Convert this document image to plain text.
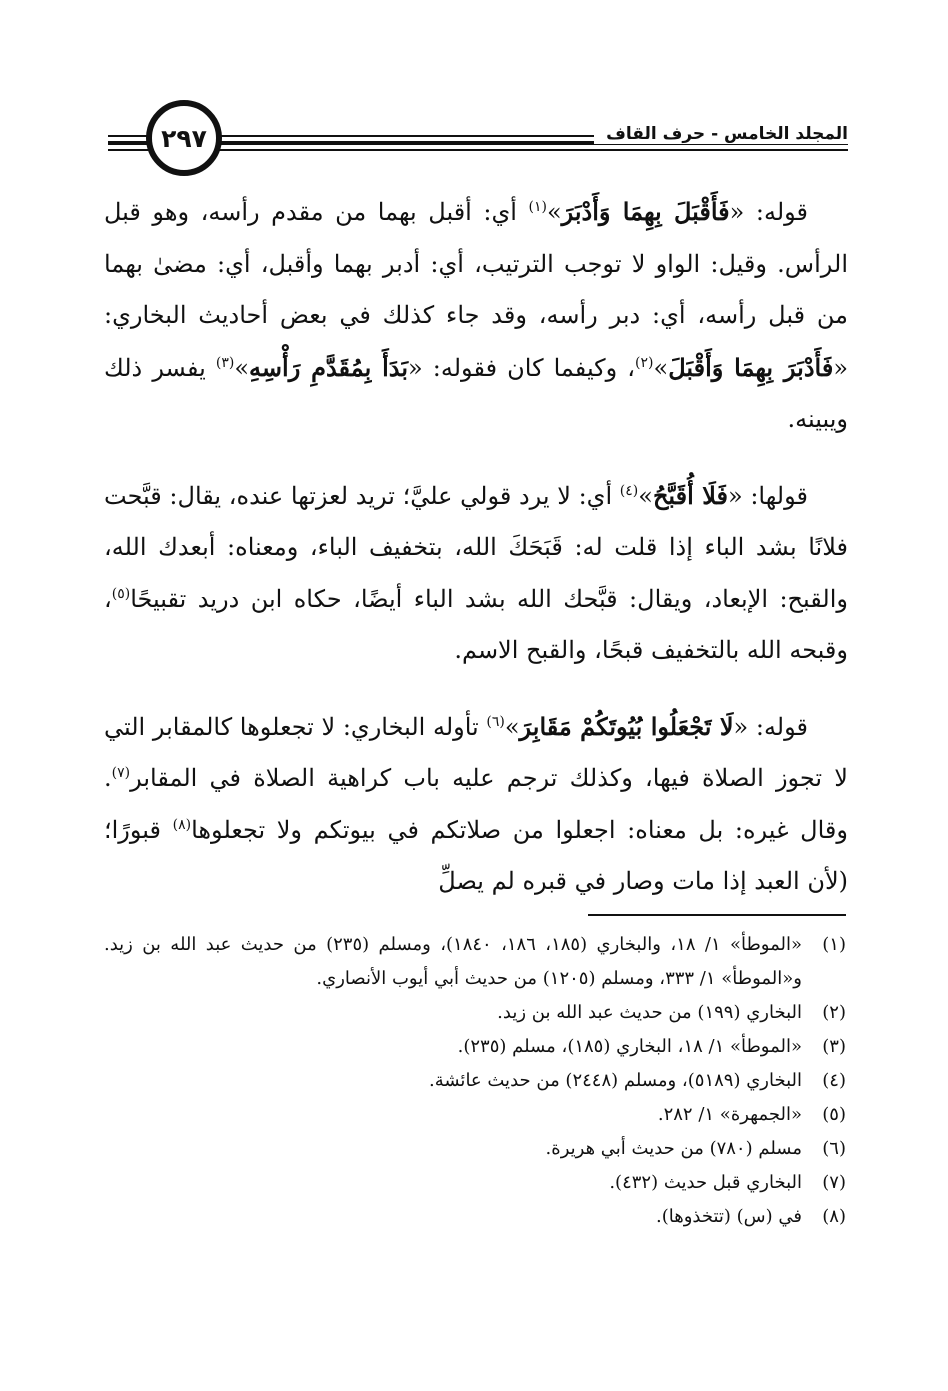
٢٩٧	المجلد الخامس - حرف القاف

قوله: «فَأَقْبَلَ بِهِمَا وَأَدْبَرَ»$^{(١)}$ أي: أقبل بهما من مقدم رأسه، وهو قبل الرأس. وقيل: الواو لا توجب الترتيب، أي: أدبر بهما وأقبل، أي: مضىٰ بهما من قبل رأسه، أي: دبر رأسه، وقد جاء كذلك في بعض أحاديث البخاري: «فَأَدْبَرَ بِهِمَا وَأَقْبَلَ»$^{(٢)}$، وكيفما كان فقوله: «بَدَأَ بِمُقَدَّمِ رَأْسِهِ»$^{(٣)}$ يفسر ذلك ويبينه.

قولها: «فَلَا أُقَبَّحُ»$^{(٤)}$ أي: لا يرد قولي عليَّ؛ تريد لعزتها عنده، يقال: قبَّحت فلانًا بشد الباء إذا قلت له: قَبَحَكَ الله، بتخفيف الباء، ومعناه: أبعدك الله، والقبح: الإبعاد، ويقال: قبَّحك الله بشد الباء أيضًا، حكاه ابن دريد تقبيحًا$^{(٥)}$، وقبحه الله بالتخفيف قبحًا، والقبح الاسم.

قوله: «لَا تَجْعَلُوا بُيُوتَكُمْ مَقَابِرَ»$^{(٦)}$ تأوله البخاري: لا تجعلوها كالمقابر التي لا تجوز الصلاة فيها، وكذلك ترجم عليه باب كراهية الصلاة في المقابر$^{(٧)}$. وقال غيره: بل معناه: اجعلوا من صلاتكم في بيوتكم ولا تجعلوها$^{(٨)}$ قبورًا؛ (لأن العبد إذا مات وصار في قبره لم يصلِّ

(١)
«الموطأ» ١/ ١٨، والبخاري (١٨٥، ١٨٦، ١٨٤٠)، ومسلم (٢٣٥) من حديث عبد الله بن زيد. و«الموطأ» ١/ ٣٣٣، ومسلم (١٢٠٥) من حديث أبي أيوب الأنصاري.
(٢)
البخاري (١٩٩) من حديث عبد الله بن زيد.
(٣)
«الموطأ» ١/ ١٨، البخاري (١٨٥)، مسلم (٢٣٥).
(٤)
البخاري (٥١٨٩)، ومسلم (٢٤٤٨) من حديث عائشة.
(٥)
«الجمهرة» ١/ ٢٨٢.
(٦)
مسلم (٧٨٠) من حديث أبي هريرة.
(٧)
البخاري قبل حديث (٤٣٢).
(٨)
في (س) (تتخذوها).
